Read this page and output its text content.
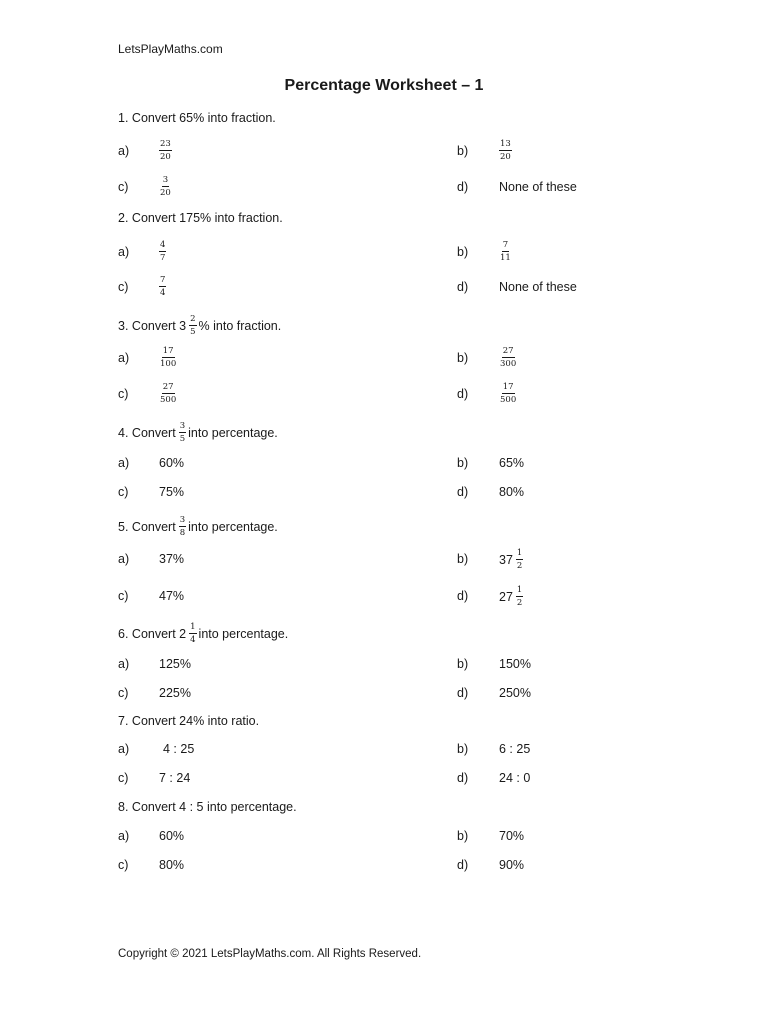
LetsPlayMaths.com
Percentage Worksheet – 1
1.
Convert 65% into fraction.
a)	$\frac{23}{20}$	b)	$\frac{13}{20}$
c)	$\frac{3}{20}$	d) None of these
2.
Convert 175% into fraction.
a)	$\frac{4}{7}$	b)	$\frac{7}{11}$
c)	$\frac{7}{4}$	d) None of these
3.
Convert $3 \frac{2}{5}$ % into fraction.
a)	$\frac{17}{100}$	b)	$\frac{27}{300}$
c)	$\frac{27}{500}$	d)	$\frac{17}{500}$
4.
Convert $\frac{3}{5}$ into percentage.
a) 60%	b) 65%
c) 75%	d) 80%
5.
Convert $\frac{3}{8}$ into percentage.
a) 37%	b) $37 \frac{1}{2}$
c) 47%	d) $27 \frac{1}{2}$
6.
Convert $2 \frac{1}{4}$ into percentage.
a) 125%	b) 150%
c) 225%	d) 250%
7.
Convert 24% into ratio.
a)	4 : 25	b) 6 : 25
c) 7 : 24	d) 24 : 0
8.
Convert 4 : 5 into percentage.
a) 60%	b) 70%
c) 80%	d) 90%
Copyright © 2021 LetsPlayMaths.com. All Rights Reserved.
